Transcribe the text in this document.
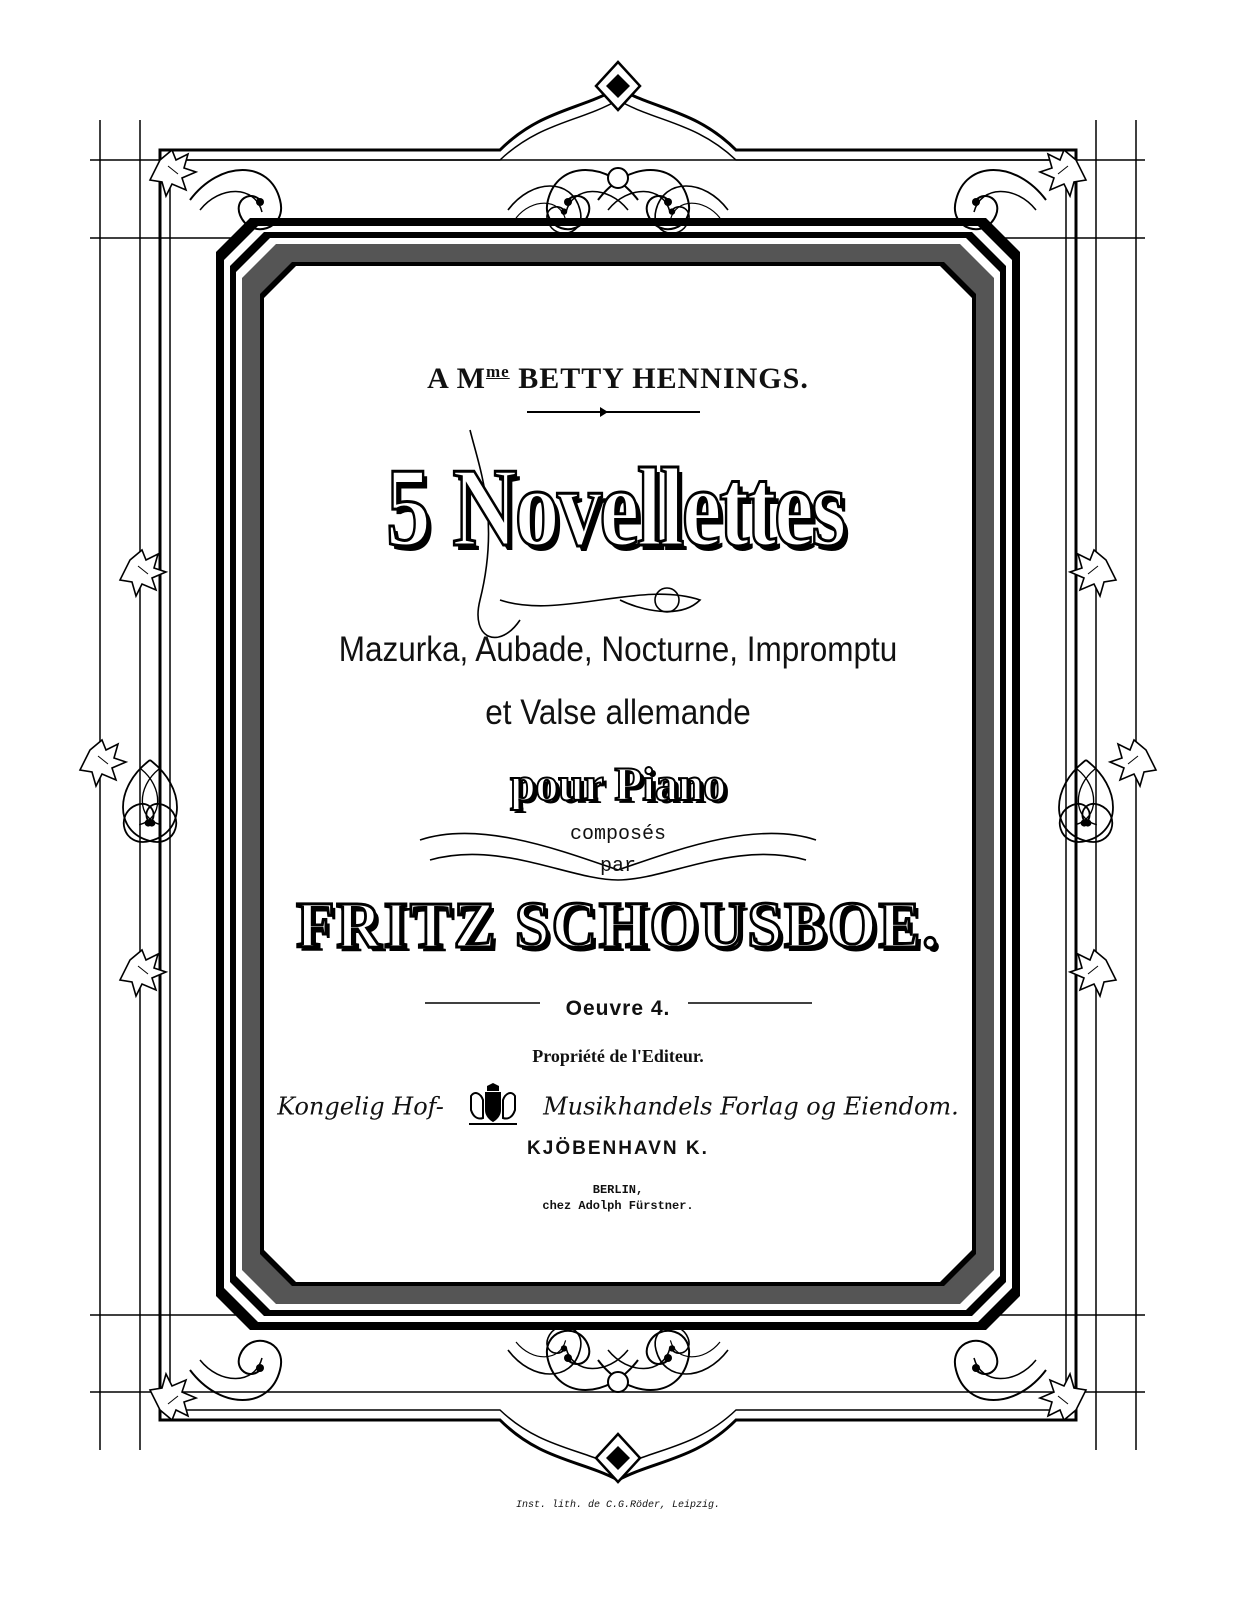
A $M^{me}$ BETTY HENNINGS.
5 Novellettes
Mazurka, Aubade, Nocturne, Impromptu
et Valse allemande
pour Piano
composés
par
FRITZ SCHOUSBOE.
Oeuvre 4.
Propriété de l'Editeur.
Kongelig Hof-	Musikhandels Forlag og Eiendom.
KJÖBENHAVN K.
BERLIN,
chez Adolph Fürstner.
Inst. lith. de C.G.Röder, Leipzig.
